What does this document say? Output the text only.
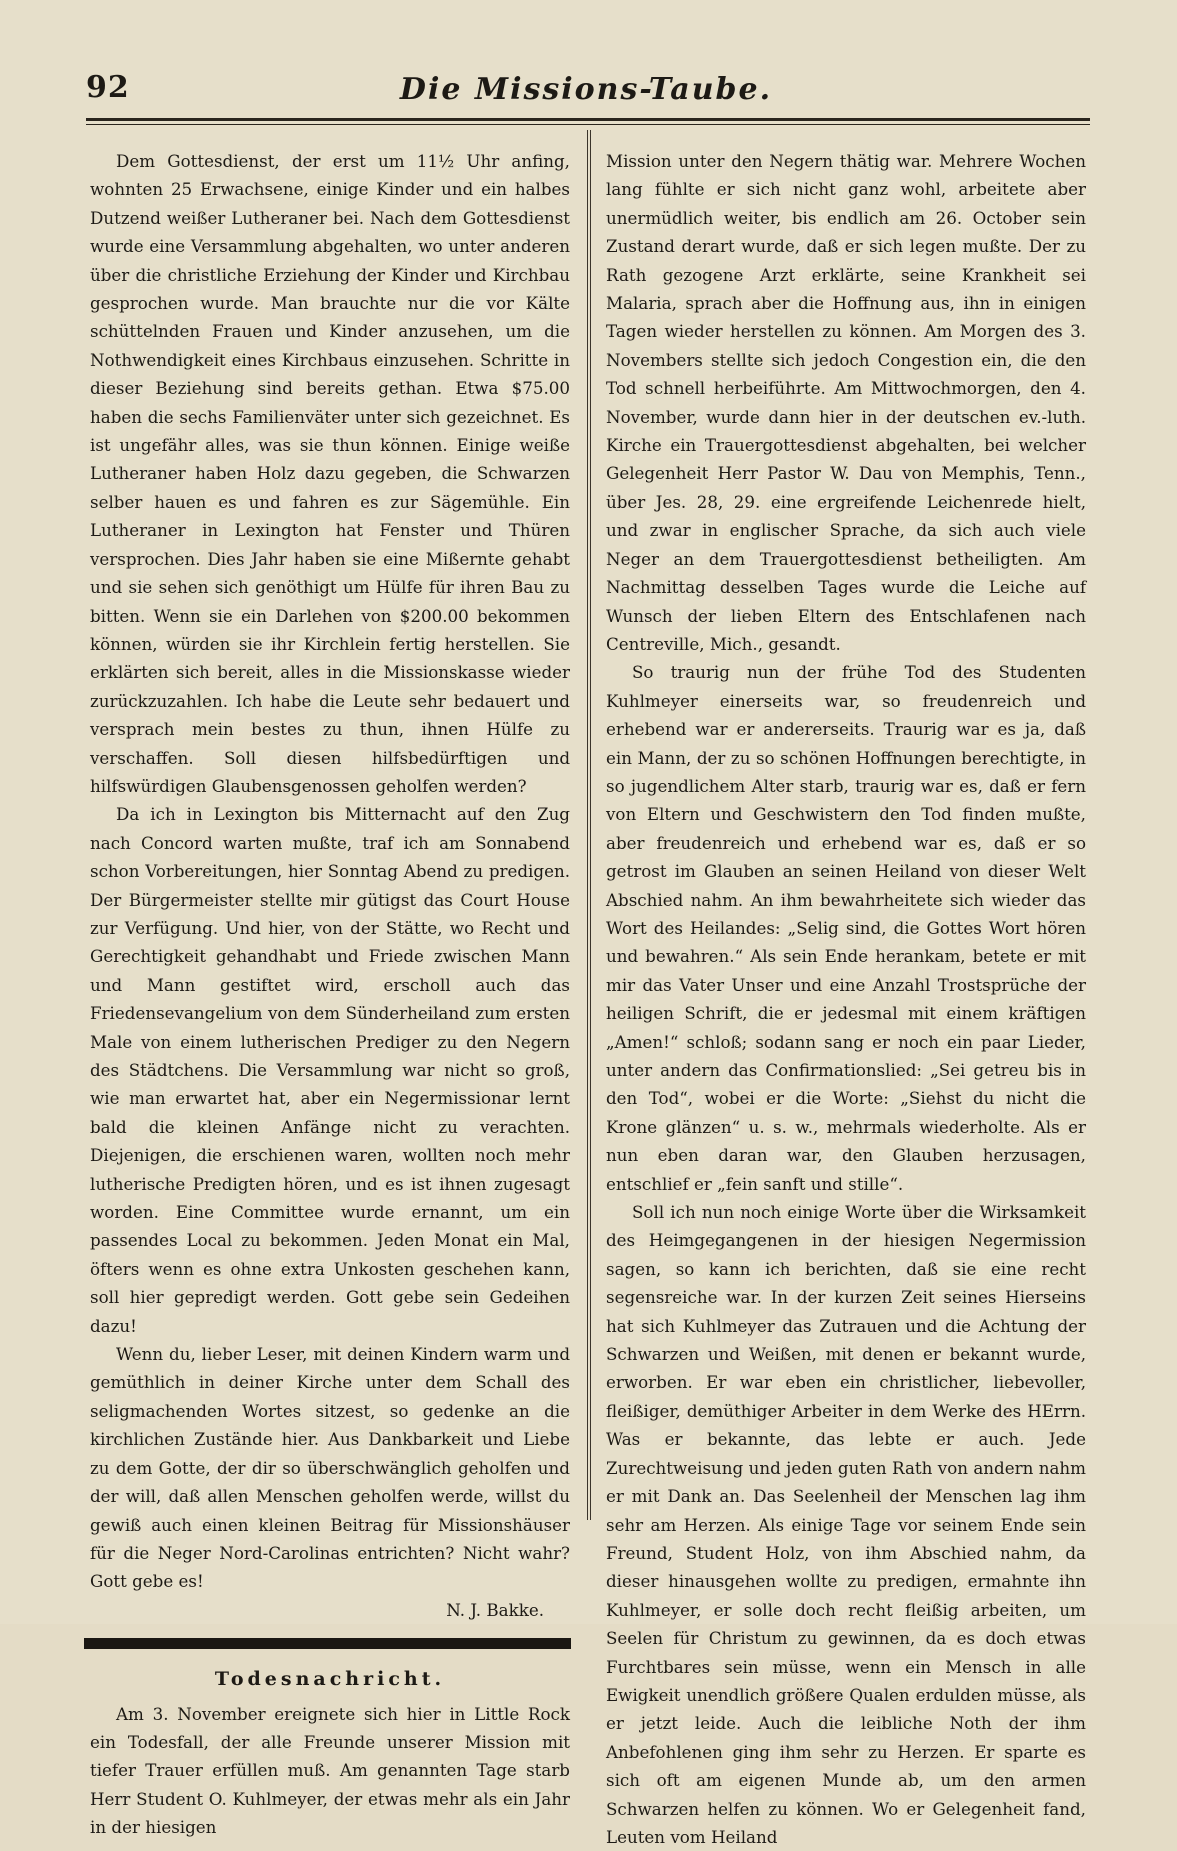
92	Die Missions-Taube.

Dem Gottesdienst, der erst um 11½ Uhr anfing, wohnten 25 Erwachsene, einige Kinder und ein halbes Dutzend weißer Lutheraner bei. Nach dem Gottesdienst wurde eine Versammlung abgehalten, wo unter anderen über die christliche Erziehung der Kinder und Kirchbau gesprochen wurde. Man brauchte nur die vor Kälte schüttelnden Frauen und Kinder anzusehen, um die Nothwendigkeit eines Kirchbaus einzusehen. Schritte in dieser Beziehung sind bereits gethan. Etwa $75.00 haben die sechs Familienväter unter sich gezeichnet. Es ist ungefähr alles, was sie thun können. Einige weiße Lutheraner haben Holz dazu gegeben, die Schwarzen selber hauen es und fahren es zur Sägemühle. Ein Lutheraner in Lexington hat Fenster und Thüren versprochen. Dies Jahr haben sie eine Mißernte gehabt und sie sehen sich genöthigt um Hülfe für ihren Bau zu bitten. Wenn sie ein Darlehen von $200.00 bekommen können, würden sie ihr Kirchlein fertig herstellen. Sie erklärten sich bereit, alles in die Missionskasse wieder zurückzuzahlen. Ich habe die Leute sehr bedauert und versprach mein bestes zu thun, ihnen Hülfe zu verschaffen. Soll diesen hilfsbedürftigen und hilfswürdigen Glaubensgenossen geholfen werden?

Da ich in Lexington bis Mitternacht auf den Zug nach Concord warten mußte, traf ich am Sonnabend schon Vorbereitungen, hier Sonntag Abend zu predigen. Der Bürgermeister stellte mir gütigst das Court House zur Verfügung. Und hier, von der Stätte, wo Recht und Gerechtigkeit gehandhabt und Friede zwischen Mann und Mann gestiftet wird, erscholl auch das Friedensevangelium von dem Sünderheiland zum ersten Male von einem lutherischen Prediger zu den Negern des Städtchens. Die Versammlung war nicht so groß, wie man erwartet hat, aber ein Negermissionar lernt bald die kleinen Anfänge nicht zu verachten. Diejenigen, die erschienen waren, wollten noch mehr lutherische Predigten hören, und es ist ihnen zugesagt worden. Eine Committee wurde ernannt, um ein passendes Local zu bekommen. Jeden Monat ein Mal, öfters wenn es ohne extra Unkosten geschehen kann, soll hier gepredigt werden. Gott gebe sein Gedeihen dazu!

Wenn du, lieber Leser, mit deinen Kindern warm und gemüthlich in deiner Kirche unter dem Schall des seligmachenden Wortes sitzest, so gedenke an die kirchlichen Zustände hier. Aus Dankbarkeit und Liebe zu dem Gotte, der dir so überschwänglich geholfen und der will, daß allen Menschen geholfen werde, willst du gewiß auch einen kleinen Beitrag für Missionshäuser für die Neger Nord-Carolinas entrichten? Nicht wahr? Gott gebe es!

N. J. Bakke.

Todesnachricht.

Am 3. November ereignete sich hier in Little Rock ein Todesfall, der alle Freunde unserer Mission mit tiefer Trauer erfüllen muß. Am genannten Tage starb Herr Student O. Kuhlmeyer, der etwas mehr als ein Jahr in der hiesigen

Mission unter den Negern thätig war. Mehrere Wochen lang fühlte er sich nicht ganz wohl, arbeitete aber unermüdlich weiter, bis endlich am 26. October sein Zustand derart wurde, daß er sich legen mußte. Der zu Rath gezogene Arzt erklärte, seine Krankheit sei Malaria, sprach aber die Hoffnung aus, ihn in einigen Tagen wieder herstellen zu können. Am Morgen des 3. Novembers stellte sich jedoch Congestion ein, die den Tod schnell herbeiführte. Am Mittwochmorgen, den 4. November, wurde dann hier in der deutschen ev.-luth. Kirche ein Trauergottesdienst abgehalten, bei welcher Gelegenheit Herr Pastor W. Dau von Memphis, Tenn., über Jes. 28, 29. eine ergreifende Leichenrede hielt, und zwar in englischer Sprache, da sich auch viele Neger an dem Trauergottesdienst betheiligten. Am Nachmittag desselben Tages wurde die Leiche auf Wunsch der lieben Eltern des Entschlafenen nach Centreville, Mich., gesandt.

So traurig nun der frühe Tod des Studenten Kuhlmeyer einerseits war, so freudenreich und erhebend war er andererseits. Traurig war es ja, daß ein Mann, der zu so schönen Hoffnungen berechtigte, in so jugendlichem Alter starb, traurig war es, daß er fern von Eltern und Geschwistern den Tod finden mußte, aber freudenreich und erhebend war es, daß er so getrost im Glauben an seinen Heiland von dieser Welt Abschied nahm. An ihm bewahrheitete sich wieder das Wort des Heilandes: „Selig sind, die Gottes Wort hören und bewahren.“ Als sein Ende herankam, betete er mit mir das Vater Unser und eine Anzahl Trostsprüche der heiligen Schrift, die er jedesmal mit einem kräftigen „Amen!“ schloß; sodann sang er noch ein paar Lieder, unter andern das Confirmationslied: „Sei getreu bis in den Tod“, wobei er die Worte: „Siehst du nicht die Krone glänzen“ u. s. w., mehrmals wiederholte. Als er nun eben daran war, den Glauben herzusagen, entschlief er „fein sanft und stille“.

Soll ich nun noch einige Worte über die Wirksamkeit des Heimgegangenen in der hiesigen Negermission sagen, so kann ich berichten, daß sie eine recht segensreiche war. In der kurzen Zeit seines Hierseins hat sich Kuhlmeyer das Zutrauen und die Achtung der Schwarzen und Weißen, mit denen er bekannt wurde, erworben. Er war eben ein christlicher, liebevoller, fleißiger, demüthiger Arbeiter in dem Werke des HErrn. Was er bekannte, das lebte er auch. Jede Zurechtweisung und jeden guten Rath von andern nahm er mit Dank an. Das Seelenheil der Menschen lag ihm sehr am Herzen. Als einige Tage vor seinem Ende sein Freund, Student Holz, von ihm Abschied nahm, da dieser hinausgehen wollte zu predigen, ermahnte ihn Kuhlmeyer, er solle doch recht fleißig arbeiten, um Seelen für Christum zu gewinnen, da es doch etwas Furchtbares sein müsse, wenn ein Mensch in alle Ewigkeit unendlich größere Qualen erdulden müsse, als er jetzt leide. Auch die leibliche Noth der ihm Anbefohlenen ging ihm sehr zu Herzen. Er sparte es sich oft am eigenen Munde ab, um den armen Schwarzen helfen zu können. Wo er Gelegenheit fand, Leuten vom Heiland
